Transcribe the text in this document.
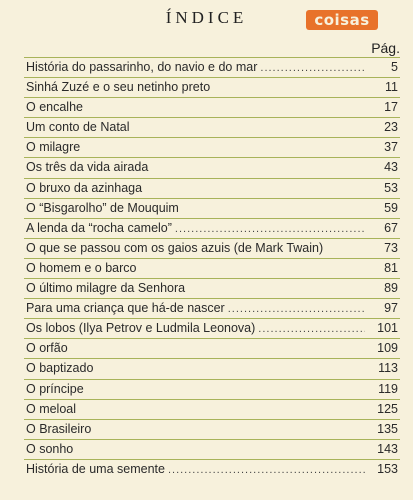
ÍNDICE	coisas
Pág.
História do passarinho, do navio e do mar .....	5
Sinhá Zuzé e o seu netinho preto	11
O encalhe	17
Um conto de Natal	23
O milagre	37
Os três da vida airada	43
O bruxo da azinhaga	53
O “Bisgarolho” de Mouquim	59
A lenda da “rocha camelo” .....	67
O que se passou com os gaios azuis (de Mark Twain)	73
O homem e o barco	81
O último milagre da Senhora	89
Para uma criança que há-de nascer .....	97
Os lobos (Ilya Petrov e Ludmila Leonova) .....	101
O orfão	109
O baptizado	113
O príncipe	119
O meloal	125
O Brasileiro	135
O sonho	143
História de uma semente .....	153
